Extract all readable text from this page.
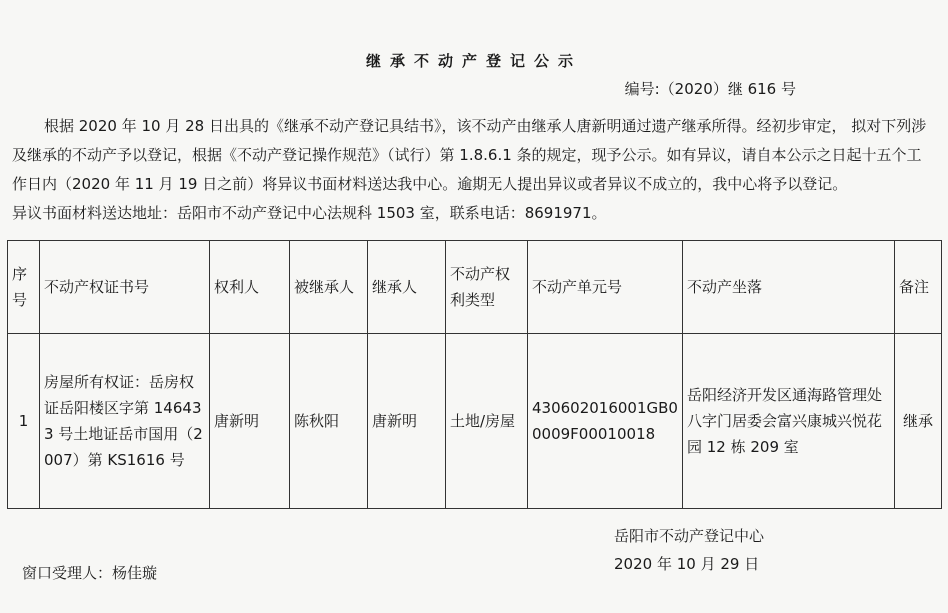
继承不动产登记公示
编号:（2020）继 616 号

根据 2020 年 10 月 28 日出具的《继承不动产登记具结书》，该不动产由继承人唐新明通过遗产继承所得。经初步审定， 拟对下列涉及继承的不动产予以登记，根据《不动产登记操作规范》（试行）第 1.8.6.1 条的规定，现予公示。如有异议，请自本公示之日起十五个工作日内（2020 年 11 月 19 日之前）将异议书面材料送达我中心。逾期无人提出异议或者异议不成立的，我中心将予以登记。

异议书面材料送达地址：岳阳市不动产登记中心法规科 1503 室，联系电话：8691971。

序号	不动产权证书号	权利人	被继承人	继承人	不动产权利类型	不动产单元号	不动产坐落	备注
1	房屋所有权证：岳房权证岳阳楼区字第 146433 号土地证岳市国用（2007）第 KS1616 号	唐新明	陈秋阳	唐新明	土地/房屋	430602016001GB00009F00010018	岳阳经济开发区通海路管理处八字门居委会富兴康城兴悦花园 12 栋 209 室	继承
岳阳市不动产登记中心
2020 年 10 月 29 日
窗口受理人：杨佳璇
